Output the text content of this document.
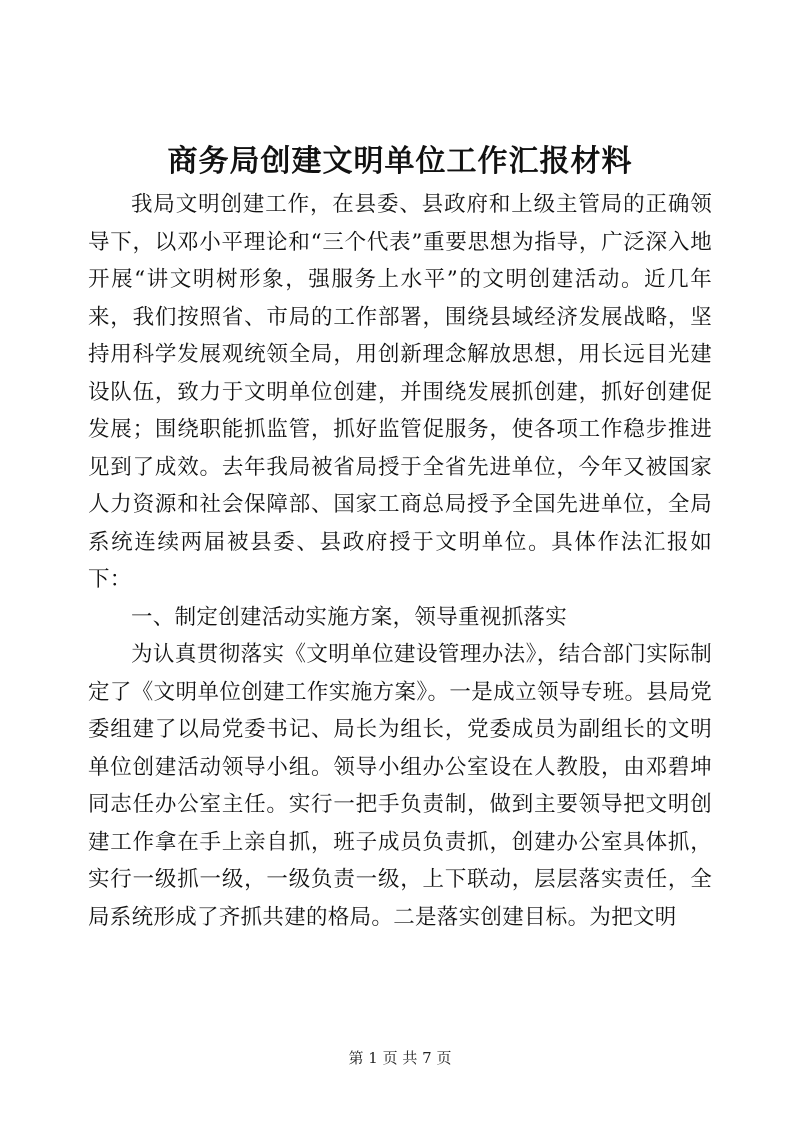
商务局创建文明单位工作汇报材料

我局文明创建工作，在县委、县政府和上级主管局的正确领导下，以邓小平理论和“三个代表”重要思想为指导，广泛深入地开展“讲文明树形象，强服务上水平”的文明创建活动。近几年来，我们按照省、市局的工作部署，围绕县域经济发展战略，坚持用科学发展观统领全局，用创新理念解放思想，用长远目光建设队伍，致力于文明单位创建，并围绕发展抓创建，抓好创建促发展；围绕职能抓监管，抓好监管促服务，使各项工作稳步推进见到了成效。去年我局被省局授于全省先进单位，今年又被国家人力资源和社会保障部、国家工商总局授予全国先进单位，全局系统连续两届被县委、县政府授于文明单位。具体作法汇报如下：

一、制定创建活动实施方案，领导重视抓落实

为认真贯彻落实《文明单位建设管理办法》，结合部门实际制定了《文明单位创建工作实施方案》。一是成立领导专班。县局党委组建了以局党委书记、局长为组长，党委成员为副组长的文明单位创建活动领导小组。领导小组办公室设在人教股，由邓碧坤同志任办公室主任。实行一把手负责制，做到主要领导把文明创建工作拿在手上亲自抓，班子成员负责抓，创建办公室具体抓，实行一级抓一级，一级负责一级，上下联动，层层落实责任，全局系统形成了齐抓共建的格局。二是落实创建目标。为把文明

第 1 页 共 7 页
